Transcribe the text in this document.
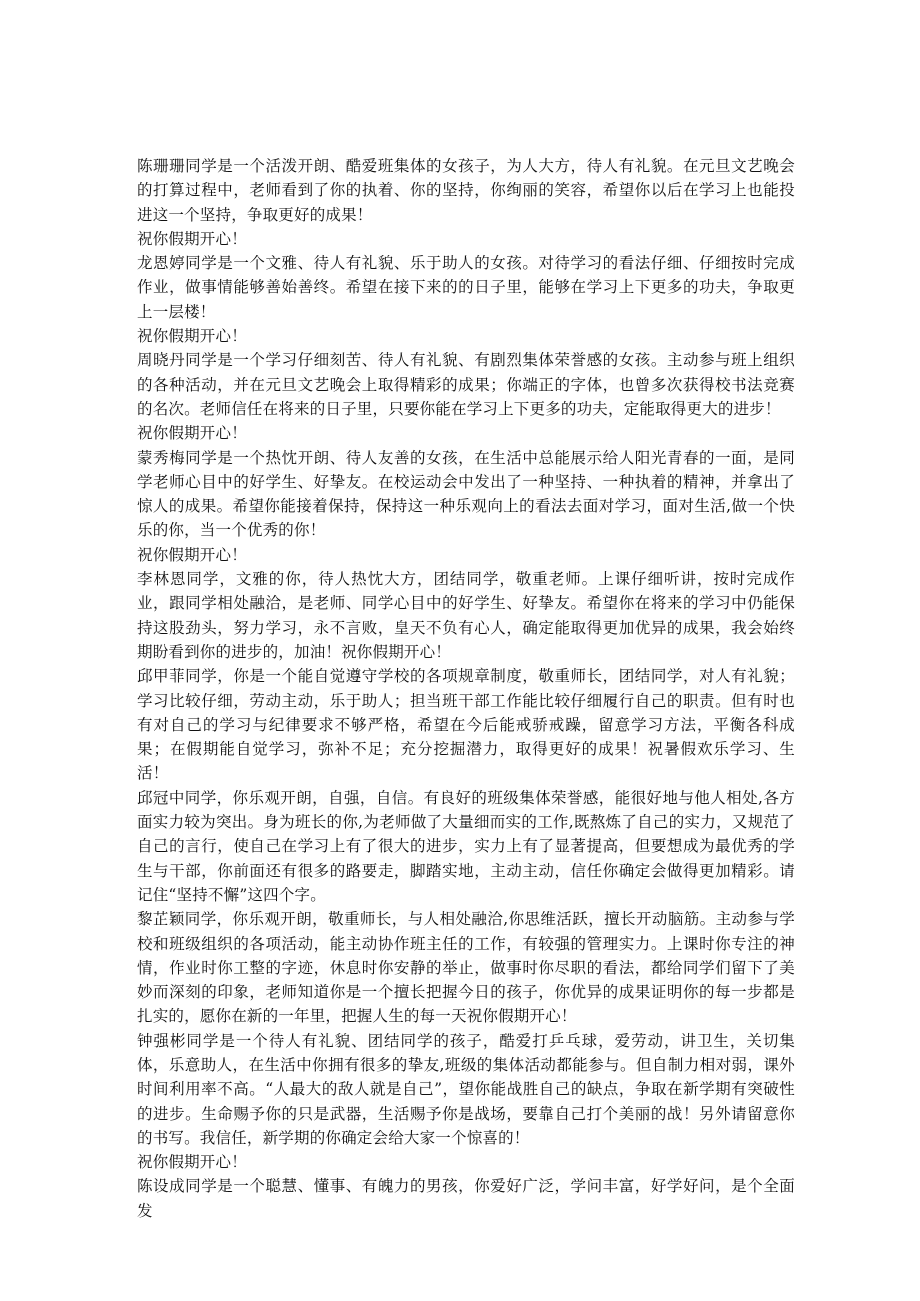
陈珊珊同学是一个活泼开朗、酷爱班集体的女孩子，为人大方，待人有礼貌。在元旦文艺晚会的打算过程中，老师看到了你的执着、你的坚持，你绚丽的笑容，希望你以后在学习上也能投进这一个坚持，争取更好的成果！

祝你假期开心！

龙恩婷同学是一个文雅、待人有礼貌、乐于助人的女孩。对待学习的看法仔细、仔细按时完成作业，做事情能够善始善终。希望在接下来的的日子里，能够在学习上下更多的功夫，争取更上一层楼！

祝你假期开心！

周晓丹同学是一个学习仔细刻苦、待人有礼貌、有剧烈集体荣誉感的女孩。主动参与班上组织的各种活动，并在元旦文艺晚会上取得精彩的成果；你端正的字体，也曾多次获得校书法竞赛的名次。老师信任在将来的日子里，只要你能在学习上下更多的功夫，定能取得更大的进步！

祝你假期开心！

蒙秀梅同学是一个热忱开朗、待人友善的女孩，在生活中总能展示给人阳光青春的一面，是同学老师心目中的好学生、好挚友。在校运动会中发出了一种坚持、一种执着的精神，并拿出了惊人的成果。希望你能接着保持，保持这一种乐观向上的看法去面对学习，面对生活,做一个快乐的你，当一个优秀的你！

祝你假期开心！

李林恩同学，文雅的你，待人热忱大方，团结同学，敬重老师。上课仔细听讲，按时完成作业，跟同学相处融洽，是老师、同学心目中的好学生、好挚友。希望你在将来的学习中仍能保持这股劲头，努力学习，永不言败，皇天不负有心人，确定能取得更加优异的成果，我会始终期盼看到你的进步的，加油！祝你假期开心！

邱甲菲同学，你是一个能自觉遵守学校的各项规章制度，敬重师长，团结同学，对人有礼貌；学习比较仔细，劳动主动，乐于助人；担当班干部工作能比较仔细履行自己的职责。但有时也有对自己的学习与纪律要求不够严格，希望在今后能戒骄戒躁，留意学习方法，平衡各科成果；在假期能自觉学习，弥补不足；充分挖掘潜力，取得更好的成果！祝暑假欢乐学习、生活！

邱冠中同学，你乐观开朗，自强，自信。有良好的班级集体荣誉感，能很好地与他人相处,各方面实力较为突出。身为班长的你,为老师做了大量细而实的工作,既熬炼了自己的实力，又规范了自己的言行，使自己在学习上有了很大的进步，实力上有了显著提高，但要想成为最优秀的学生与干部，你前面还有很多的路要走，脚踏实地，主动主动，信任你确定会做得更加精彩。请记住“坚持不懈”这四个字。

黎芷颖同学，你乐观开朗，敬重师长，与人相处融洽,你思维活跃，擅长开动脑筋。主动参与学校和班级组织的各项活动，能主动协作班主任的工作，有较强的管理实力。上课时你专注的神情，作业时你工整的字迹，休息时你安静的举止，做事时你尽职的看法，都给同学们留下了美妙而深刻的印象，老师知道你是一个擅长把握今日的孩子，你优异的成果证明你的每一步都是扎实的，愿你在新的一年里，把握人生的每一天祝你假期开心！

钟强彬同学是一个待人有礼貌、团结同学的孩子，酷爱打乒乓球，爱劳动，讲卫生，关切集体，乐意助人，在生活中你拥有很多的挚友,班级的集体活动都能参与。但自制力相对弱，课外时间利用率不高。“人最大的敌人就是自己”，望你能战胜自己的缺点，争取在新学期有突破性的进步。生命赐予你的只是武器，生活赐予你是战场，要靠自己打个美丽的战！另外请留意你的书写。我信任，新学期的你确定会给大家一个惊喜的！

祝你假期开心！

陈设成同学是一个聪慧、懂事、有魄力的男孩，你爱好广泛，学问丰富，好学好问，是个全面发
